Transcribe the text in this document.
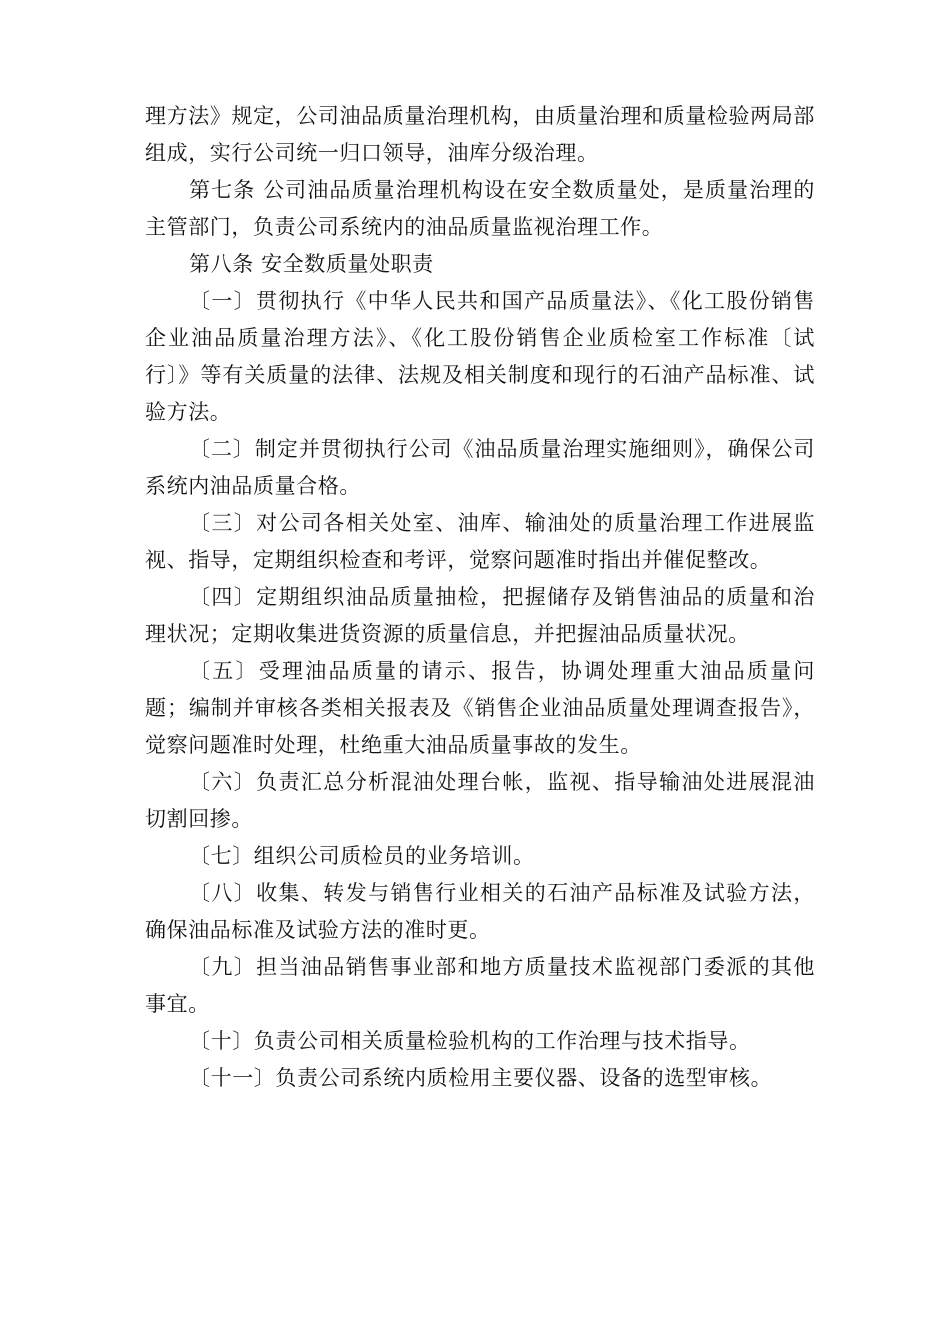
理方法》规定，公司油品质量治理机构，由质量治理和质量检验两局部组成，实行公司统一归口领导，油库分级治理。

第七条 公司油品质量治理机构设在安全数质量处，是质量治理的主管部门，负责公司系统内的油品质量监视治理工作。

第八条 安全数质量处职责

〔一〕贯彻执行《中华人民共和国产品质量法》、《化工股份销售企业油品质量治理方法》、《化工股份销售企业质检室工作标准〔试行〕》等有关质量的法律、法规及相关制度和现行的石油产品标准、试验方法。

〔二〕制定并贯彻执行公司《油品质量治理实施细则》，确保公司系统内油品质量合格。

〔三〕对公司各相关处室、油库、输油处的质量治理工作进展监视、指导，定期组织检查和考评，觉察问题准时指出并催促整改。

〔四〕定期组织油品质量抽检，把握储存及销售油品的质量和治理状况；定期收集进货资源的质量信息，并把握油品质量状况。

〔五〕受理油品质量的请示、报告，协调处理重大油品质量问题；编制并审核各类相关报表及《销售企业油品质量处理调查报告》，觉察问题准时处理，杜绝重大油品质量事故的发生。

〔六〕负责汇总分析混油处理台帐，监视、指导输油处进展混油切割回掺。

〔七〕组织公司质检员的业务培训。

〔八〕收集、转发与销售行业相关的石油产品标准及试验方法，确保油品标准及试验方法的准时更。

〔九〕担当油品销售事业部和地方质量技术监视部门委派的其他事宜。

〔十〕负责公司相关质量检验机构的工作治理与技术指导。

〔十一〕负责公司系统内质检用主要仪器、设备的选型审核。
